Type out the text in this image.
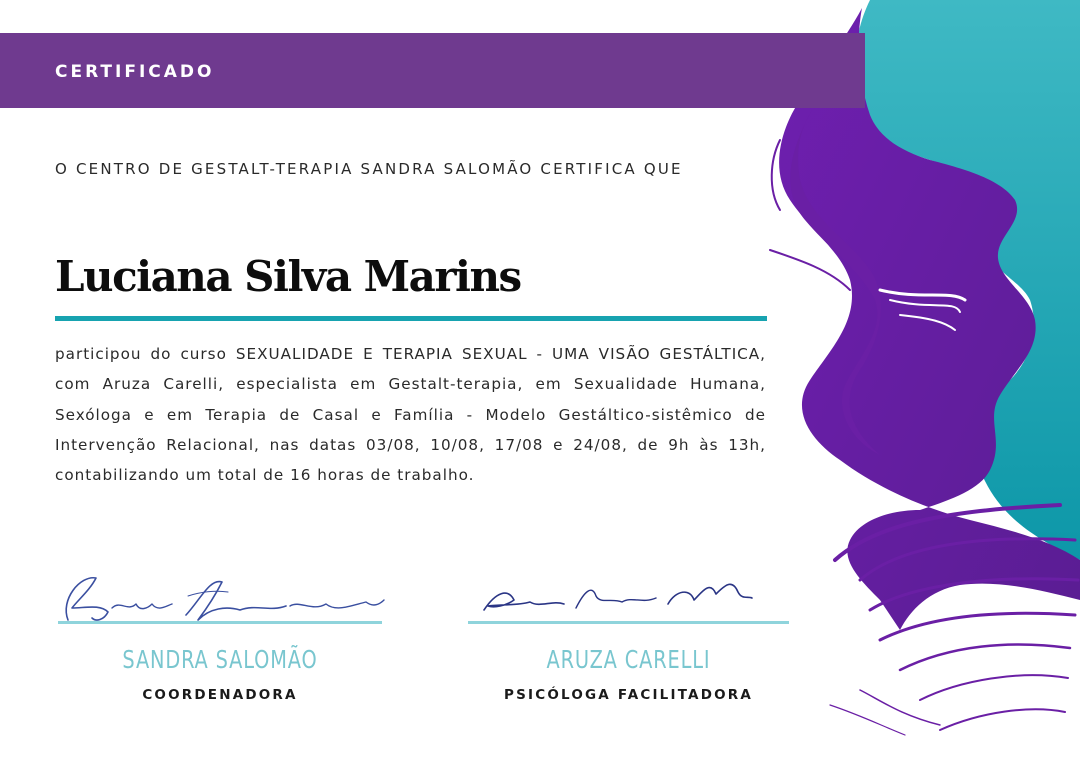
CERTIFICADO
O CENTRO DE GESTALT-TERAPIA SANDRA SALOMÃO CERTIFICA QUE
Luciana Silva Marins
participou do curso SEXUALIDADE E TERAPIA SEXUAL - UMA VISÃO GESTÁLTICA, com Aruza Carelli, especialista em Gestalt-terapia, em Sexualidade Humana, Sexóloga e em Terapia de Casal e Família - Modelo Gestáltico-sistêmico de Intervenção Relacional, nas datas 03/08, 10/08, 17/08 e 24/08, de 9h às 13h, contabilizando um total de 16 horas de trabalho.
SANDRA SALOMÃO
COORDENADORA
ARUZA CARELLI
PSICÓLOGA FACILITADORA
